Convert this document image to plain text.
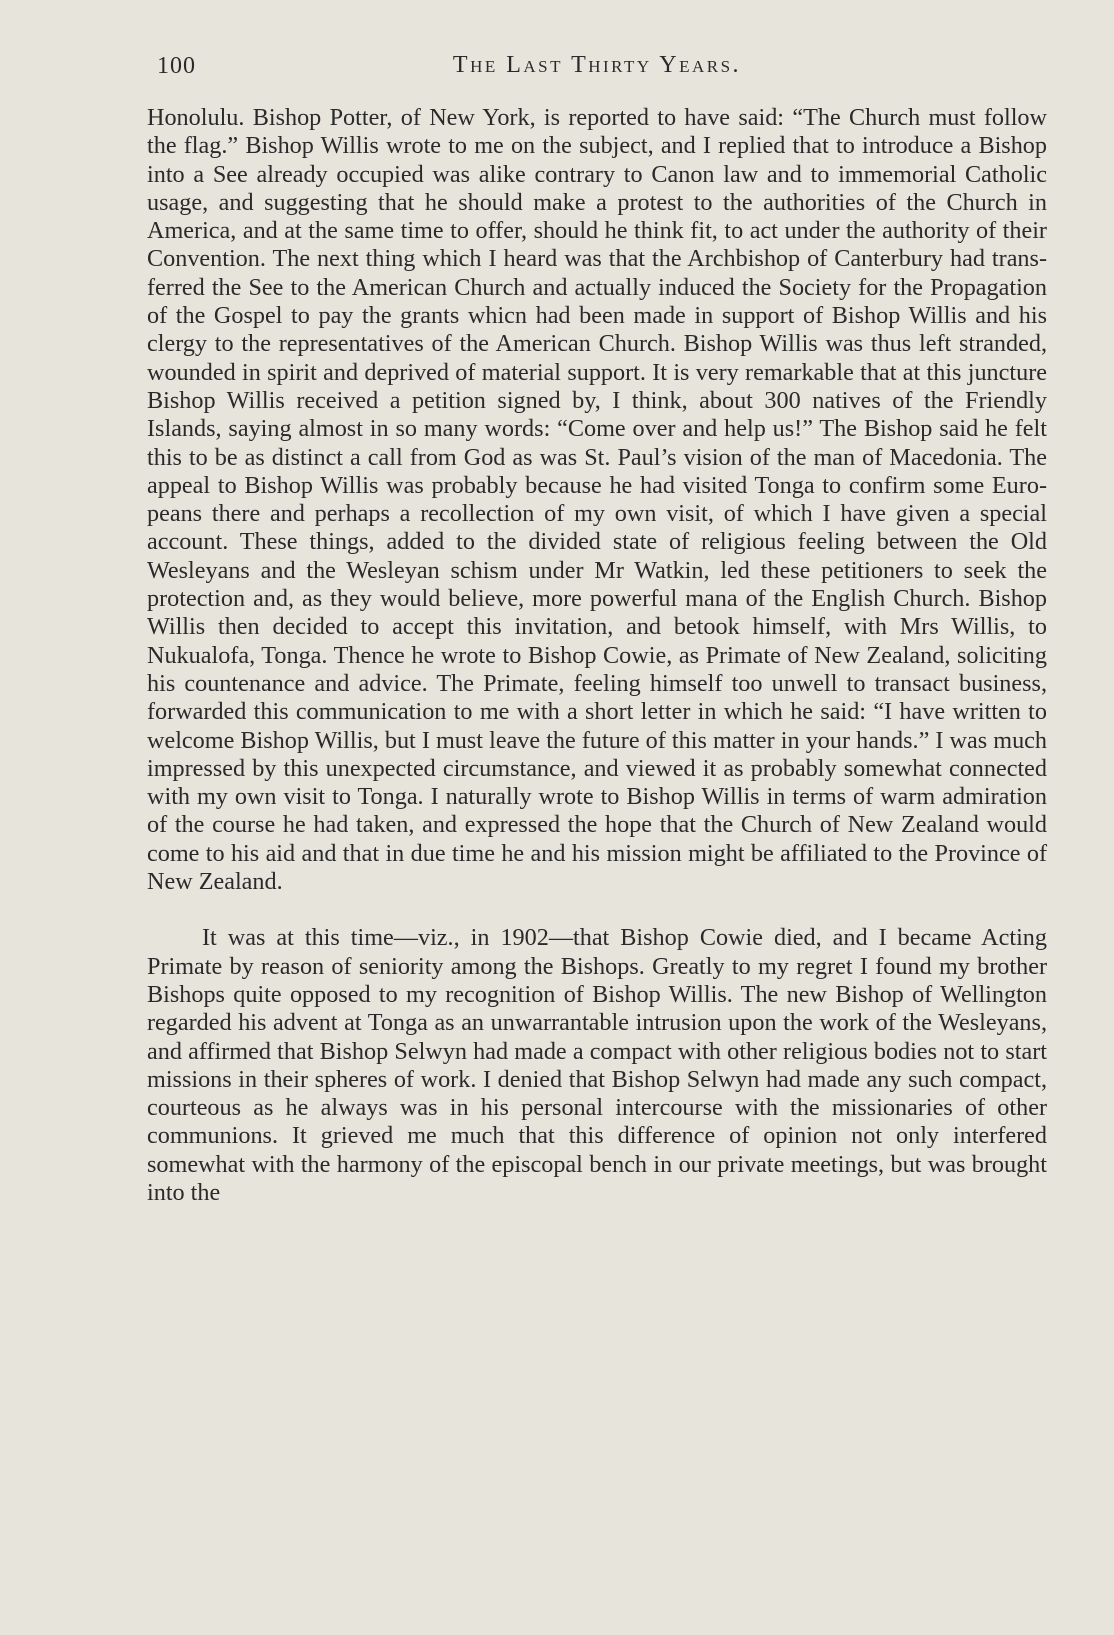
100	The Last Thirty Years.

Honolulu. Bishop Potter, of New York, is reported to have said: “The Church must follow the flag.” Bishop Willis wrote to me on the subject, and I replied that to introduce a Bishop into a See already occupied was alike contrary to Canon law and to immemorial Catholic usage, and suggesting that he should make a protest to the authorities of the Church in America, and at the same time to offer, should he think fit, to act under the authority of their Convention. The next thing which I heard was that the Archbishop of Canterbury had transferred the See to the American Church and actually induced the Society for the Propagation of the Gospel to pay the grants whicn had been made in support of Bishop Willis and his clergy to the representatives of the American Church. Bishop Willis was thus left stranded, wounded in spirit and deprived of material support. It is very remarkable that at this juncture Bishop Willis received a petition signed by, I think, about 300 natives of the Friendly Islands, saying almost in so many words: “Come over and help us!” The Bishop said he felt this to be as distinct a call from God as was St. Paul’s vision of the man of Macedonia. The appeal to Bishop Willis was probably because he had visited Tonga to confirm some Europeans there and perhaps a recollection of my own visit, of which I have given a special account. These things, added to the divided state of religious feeling between the Old Wesleyans and the Wesleyan schism under Mr Watkin, led these petitioners to seek the protection and, as they would believe, more powerful mana of the English Church. Bishop Willis then decided to accept this invitation, and betook himself, with Mrs Willis, to Nukualofa, Tonga. Thence he wrote to Bishop Cowie, as Primate of New Zealand, soliciting his countenance and advice. The Primate, feeling himself too unwell to transact business, forwarded this communication to me with a short letter in which he said: “I have written to welcome Bishop Willis, but I must leave the future of this matter in your hands.” I was much impressed by this unexpected circumstance, and viewed it as probably somewhat connected with my own visit to Tonga. I naturally wrote to Bishop Willis in terms of warm admiration of the course he had taken, and expressed the hope that the Church of New Zealand would come to his aid and that in due time he and his mission might be affiliated to the Province of New Zealand.

It was at this time—viz., in 1902—that Bishop Cowie died, and I became Acting Primate by reason of seniority among the Bishops. Greatly to my regret I found my brother Bishops quite opposed to my recognition of Bishop Willis. The new Bishop of Wellington regarded his advent at Tonga as an unwarrantable intrusion upon the work of the Wesleyans, and affirmed that Bishop Selwyn had made a compact with other religious bodies not to start missions in their spheres of work. I denied that Bishop Selwyn had made any such compact, courteous as he always was in his personal intercourse with the missionaries of other communions. It grieved me much that this difference of opinion not only interfered somewhat with the harmony of the episcopal bench in our private meetings, but was brought into the
